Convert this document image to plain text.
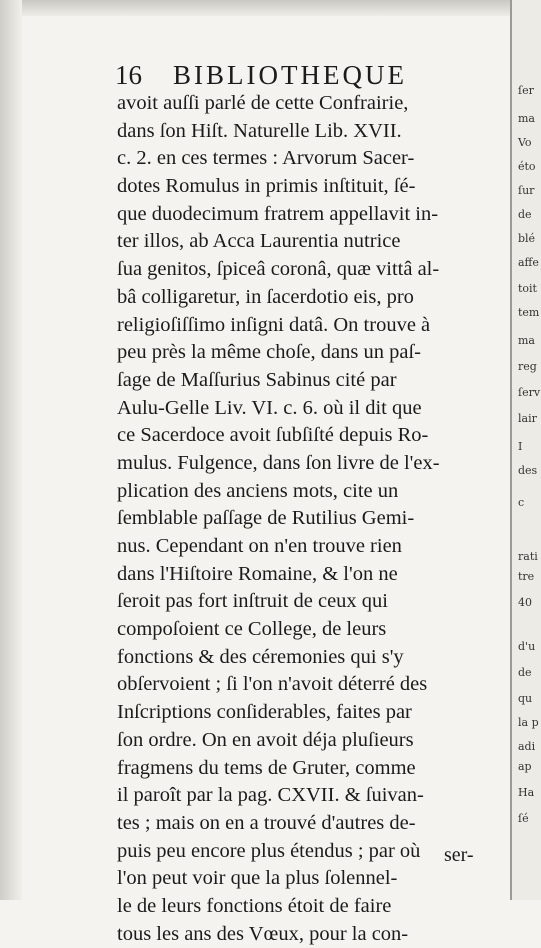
ſer
ma
Vo
éto
ſur
de
blé
affe
toit
tem
ma
reg
ſerv
lair
I
des
c
rati
tre
40
d'u
de
qu
la p
adi
ap
Ha
ſé
16 BIBLIOTHEQUE
avoit auſſi parlé de cette Confrairie,
dans ſon Hiſt. Naturelle Lib. XVII.
c. 2. en ces termes : Arvorum Sacer-
dotes Romulus in primis inſtituit, ſé-
que duodecimum fratrem appellavit in-
ter illos, ab Acca Laurentia nutrice
ſua genitos, ſpiceâ coronâ, quæ vittâ al-
bâ colligaretur, in ſacerdotio eis, pro
religioſiſſimo inſigni datâ. On trouve à
peu près la même choſe, dans un paſ-
ſage de Maſſurius Sabinus cité par
Aulu-Gelle Liv. VI. c. 6. où il dit que
ce Sacerdoce avoit ſubſiſté depuis Ro-
mulus. Fulgence, dans ſon livre de l'ex-
plication des anciens mots, cite un
ſemblable paſſage de Rutilius Gemi-
nus. Cependant on n'en trouve rien
dans l'Hiſtoire Romaine, & l'on ne
ſeroit pas fort inſtruit de ceux qui
compoſoient ce College, de leurs
fonctions & des céremonies qui s'y
obſervoient ; ſi l'on n'avoit déterré des
Inſcriptions conſiderables, faites par
ſon ordre. On en avoit déja pluſieurs
fragmens du tems de Gruter, comme
il paroît par la pag. CXVII. & ſuivan-
tes ; mais on en a trouvé d'autres de-
puis peu encore plus étendus ; par où
l'on peut voir que la plus ſolennel-
le de leurs fonctions étoit de faire
tous les ans des Vœux, pour la con-
ser-
